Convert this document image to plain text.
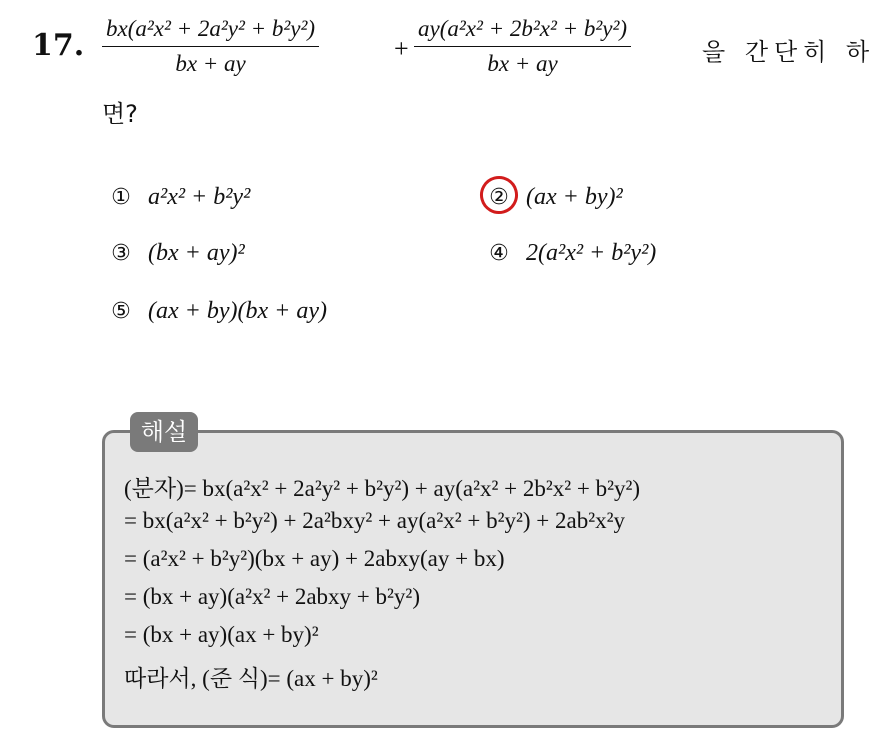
17. $\frac{\text{bx(a²x² + 2a²y² + b²y²)}}{bx + ay}$	+ $\frac{\text{ay(a²x² + 2b²x² + b²y²)}}{bx + ay}$	을 간단히 하
면?
① a²x² + b²y²	② (ax + by)²
③ (bx + ay)²	④ 2(a²x² + b²y²)
⑤ (ax + by)(bx + ay)
해설
(분자)= bx(a²x² + 2a²y² + b²y²) + ay(a²x² + 2b²x² + b²y²)
= bx(a²x² + b²y²) + 2a²bxy² + ay(a²x² + b²y²) + 2ab²x²y
= (a²x² + b²y²)(bx + ay) + 2abxy(ay + bx)
= (bx + ay)(a²x² + 2abxy + b²y²)
= (bx + ay)(ax + by)²
따라서, (준 식)= (ax + by)²
